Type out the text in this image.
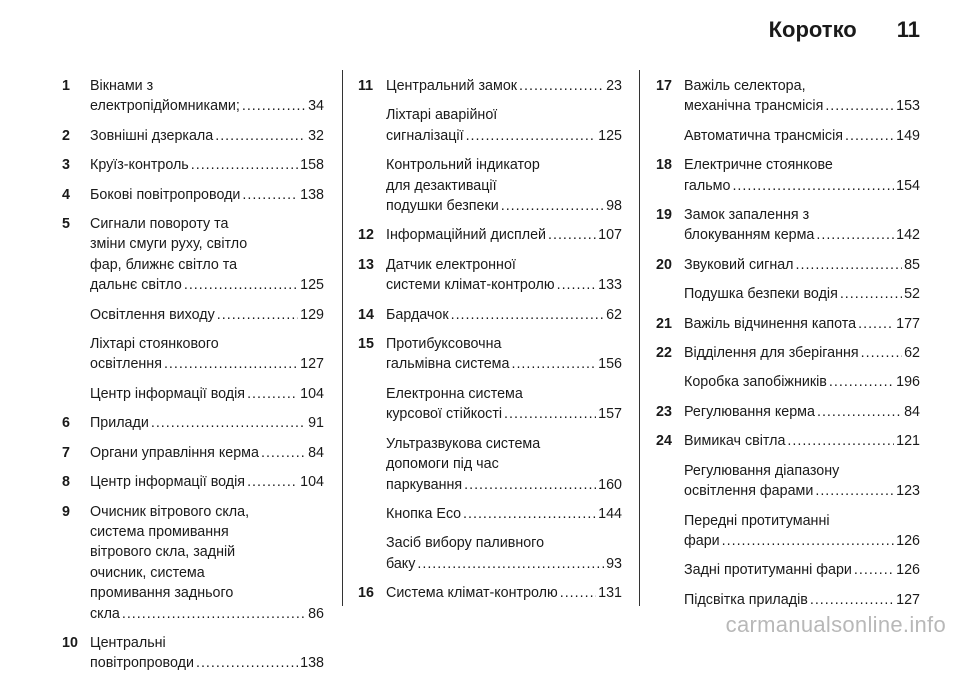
Коротко 11
1 Вікнами з
електропідйомниками; .....	34
2 Зовнішні дзеркала .....	32
3 Круїз-контроль .....	158
4 Бокові повітропроводи .....	138
5 Сигнали повороту та
зміни смуги руху, світло
фар, ближнє світло та
дальнє світло .....	125
Освітлення виходу .....	129
Ліхтарі стоянкового
освітлення .....	127
Центр інформації водія .....	104
6 Прилади .....	91
7 Органи управління керма .....	84
8 Центр інформації водія .....	104
9 Очисник вітрового скла,
система промивання
вітрового скла, задній
очисник, система
промивання заднього
скла .....	86
10 Центральні
повітропроводи .....	138
11 Центральний замок .....	23
Ліхтарі аварійної
сигналізації .....	125
Контрольний індикатор
для дезактивації
подушки безпеки .....	98
12 Інформаційний дисплей .....	107
13 Датчик електронної
системи клімат-контролю .....	133
14 Бардачок .....	62
15 Протибуксовочна
гальмівна система .....	156
Електронна система
курсової стійкості .....	157
Ультразвукова система
допомоги під час
паркування .....	160
Кнопка Eco .....	144
Засіб вибору паливного
баку .....	93
16 Система клімат-контролю .....	131
17 Важіль селектора,
механічна трансмісія .....	153
Автоматична трансмісія .....	149
18 Електричне стоянкове
гальмо .....	154
19 Замок запалення з
блокуванням керма .....	142
20 Звуковий сигнал .....	85
Подушка безпеки водія .....	52
21 Важіль відчинення капота .....	177
22 Відділення для зберігання .....	62
Коробка запобіжників .....	196
23 Регулювання керма .....	84
24 Вимикач світла .....	121
Регулювання діапазону
освітлення фарами .....	123
Передні протитуманні
фари .....	126
Задні протитуманні фари .....	126
Підсвітка приладів .....	127
carmanualsonline.info
